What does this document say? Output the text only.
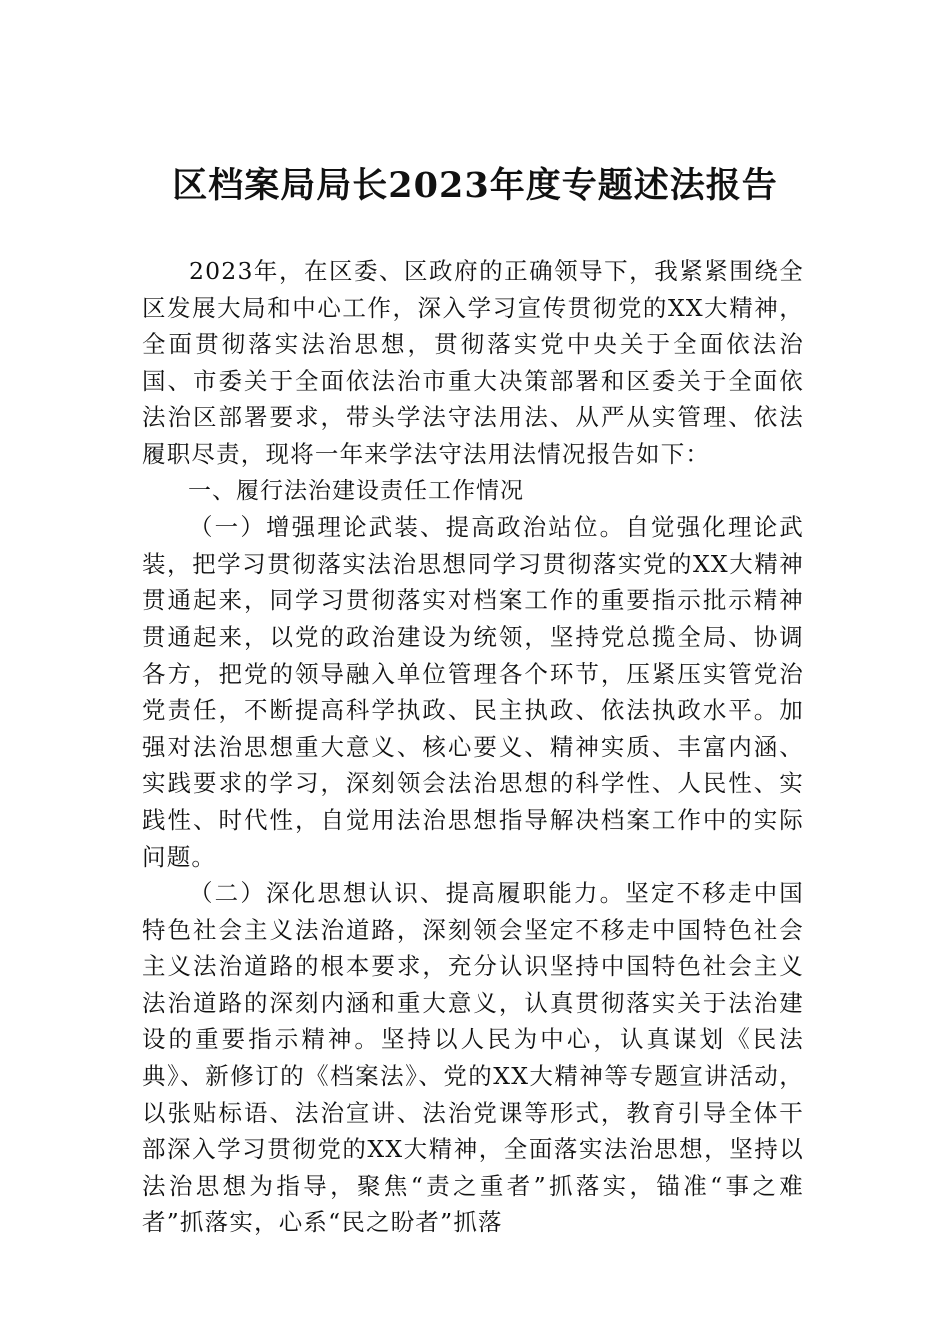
区档案局局长2023年度专题述法报告

2023年，在区委、区政府的正确领导下，我紧紧围绕全区发展大局和中心工作，深入学习宣传贯彻党的XX大精神，全面贯彻落实法治思想，贯彻落实党中央关于全面依法治国、市委关于全面依法治市重大决策部署和区委关于全面依法治区部署要求，带头学法守法用法、从严从实管理、依法履职尽责，现将一年来学法守法用法情况报告如下：

一、履行法治建设责任工作情况

（一）增强理论武装、提高政治站位。自觉强化理论武装，把学习贯彻落实法治思想同学习贯彻落实党的XX大精神贯通起来，同学习贯彻落实对档案工作的重要指示批示精神贯通起来，以党的政治建设为统领，坚持党总揽全局、协调各方，把党的领导融入单位管理各个环节，压紧压实管党治党责任，不断提高科学执政、民主执政、依法执政水平。加强对法治思想重大意义、核心要义、精神实质、丰富内涵、实践要求的学习，深刻领会法治思想的科学性、人民性、实践性、时代性，自觉用法治思想指导解决档案工作中的实际问题。

（二）深化思想认识、提高履职能力。坚定不移走中国特色社会主义法治道路，深刻领会坚定不移走中国特色社会主义法治道路的根本要求，充分认识坚持中国特色社会主义法治道路的深刻内涵和重大意义，认真贯彻落实关于法治建设的重要指示精神。坚持以人民为中心，认真谋划《民法典》、新修订的《档案法》、党的XX大精神等专题宣讲活动，以张贴标语、法治宣讲、法治党课等形式，教育引导全体干部深入学习贯彻党的XX大精神，全面落实法治思想，坚持以法治思想为指导，聚焦“责之重者”抓落实，锚准“事之难者”抓落实，心系“民之盼者”抓落
